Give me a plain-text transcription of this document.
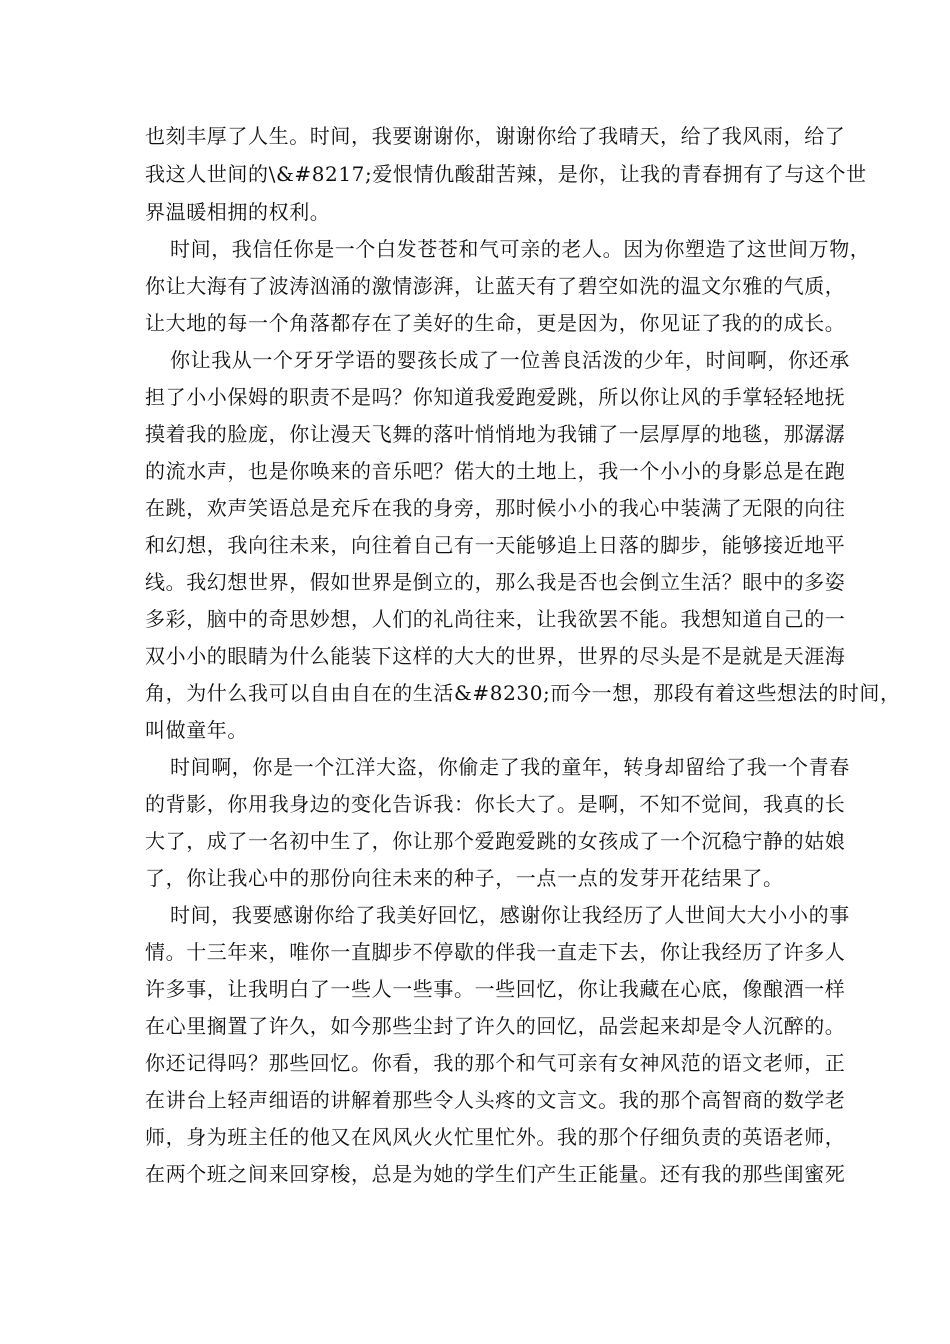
也刻丰厚了人生。时间，我要谢谢你，谢谢你给了我晴天，给了我风雨，给了
我这人世间的\&#8217;爱恨情仇酸甜苦辣，是你，让我的青春拥有了与这个世
界温暖相拥的权利。
时间，我信任你是一个白发苍苍和气可亲的老人。因为你塑造了这世间万物，
你让大海有了波涛汹涌的激情澎湃，让蓝天有了碧空如洗的温文尔雅的气质，
让大地的每一个角落都存在了美好的生命，更是因为，你见证了我的的成长。
你让我从一个牙牙学语的婴孩长成了一位善良活泼的少年，时间啊，你还承
担了小小保姆的职责不是吗？你知道我爱跑爱跳，所以你让风的手掌轻轻地抚
摸着我的脸庞，你让漫天飞舞的落叶悄悄地为我铺了一层厚厚的地毯，那潺潺
的流水声，也是你唤来的音乐吧？偌大的土地上，我一个小小的身影总是在跑
在跳，欢声笑语总是充斥在我的身旁，那时候小小的我心中装满了无限的向往
和幻想，我向往未来，向往着自己有一天能够追上日落的脚步，能够接近地平
线。我幻想世界，假如世界是倒立的，那么我是否也会倒立生活？眼中的多姿
多彩，脑中的奇思妙想，人们的礼尚往来，让我欲罢不能。我想知道自己的一
双小小的眼睛为什么能装下这样的大大的世界，世界的尽头是不是就是天涯海
角，为什么我可以自由自在的生活&#8230;而今一想，那段有着这些想法的时间，
叫做童年。
时间啊，你是一个江洋大盗，你偷走了我的童年，转身却留给了我一个青春
的背影，你用我身边的变化告诉我：你长大了。是啊，不知不觉间，我真的长
大了，成了一名初中生了，你让那个爱跑爱跳的女孩成了一个沉稳宁静的姑娘
了，你让我心中的那份向往未来的种子，一点一点的发芽开花结果了。
时间，我要感谢你给了我美好回忆，感谢你让我经历了人世间大大小小的事
情。十三年来，唯你一直脚步不停歇的伴我一直走下去，你让我经历了许多人
许多事，让我明白了一些人一些事。一些回忆，你让我藏在心底，像酿酒一样
在心里搁置了许久，如今那些尘封了许久的回忆，品尝起来却是令人沉醉的。
你还记得吗？那些回忆。你看，我的那个和气可亲有女神风范的语文老师，正
在讲台上轻声细语的讲解着那些令人头疼的文言文。我的那个高智商的数学老
师，身为班主任的他又在风风火火忙里忙外。我的那个仔细负责的英语老师，
在两个班之间来回穿梭，总是为她的学生们产生正能量。还有我的那些闺蜜死
